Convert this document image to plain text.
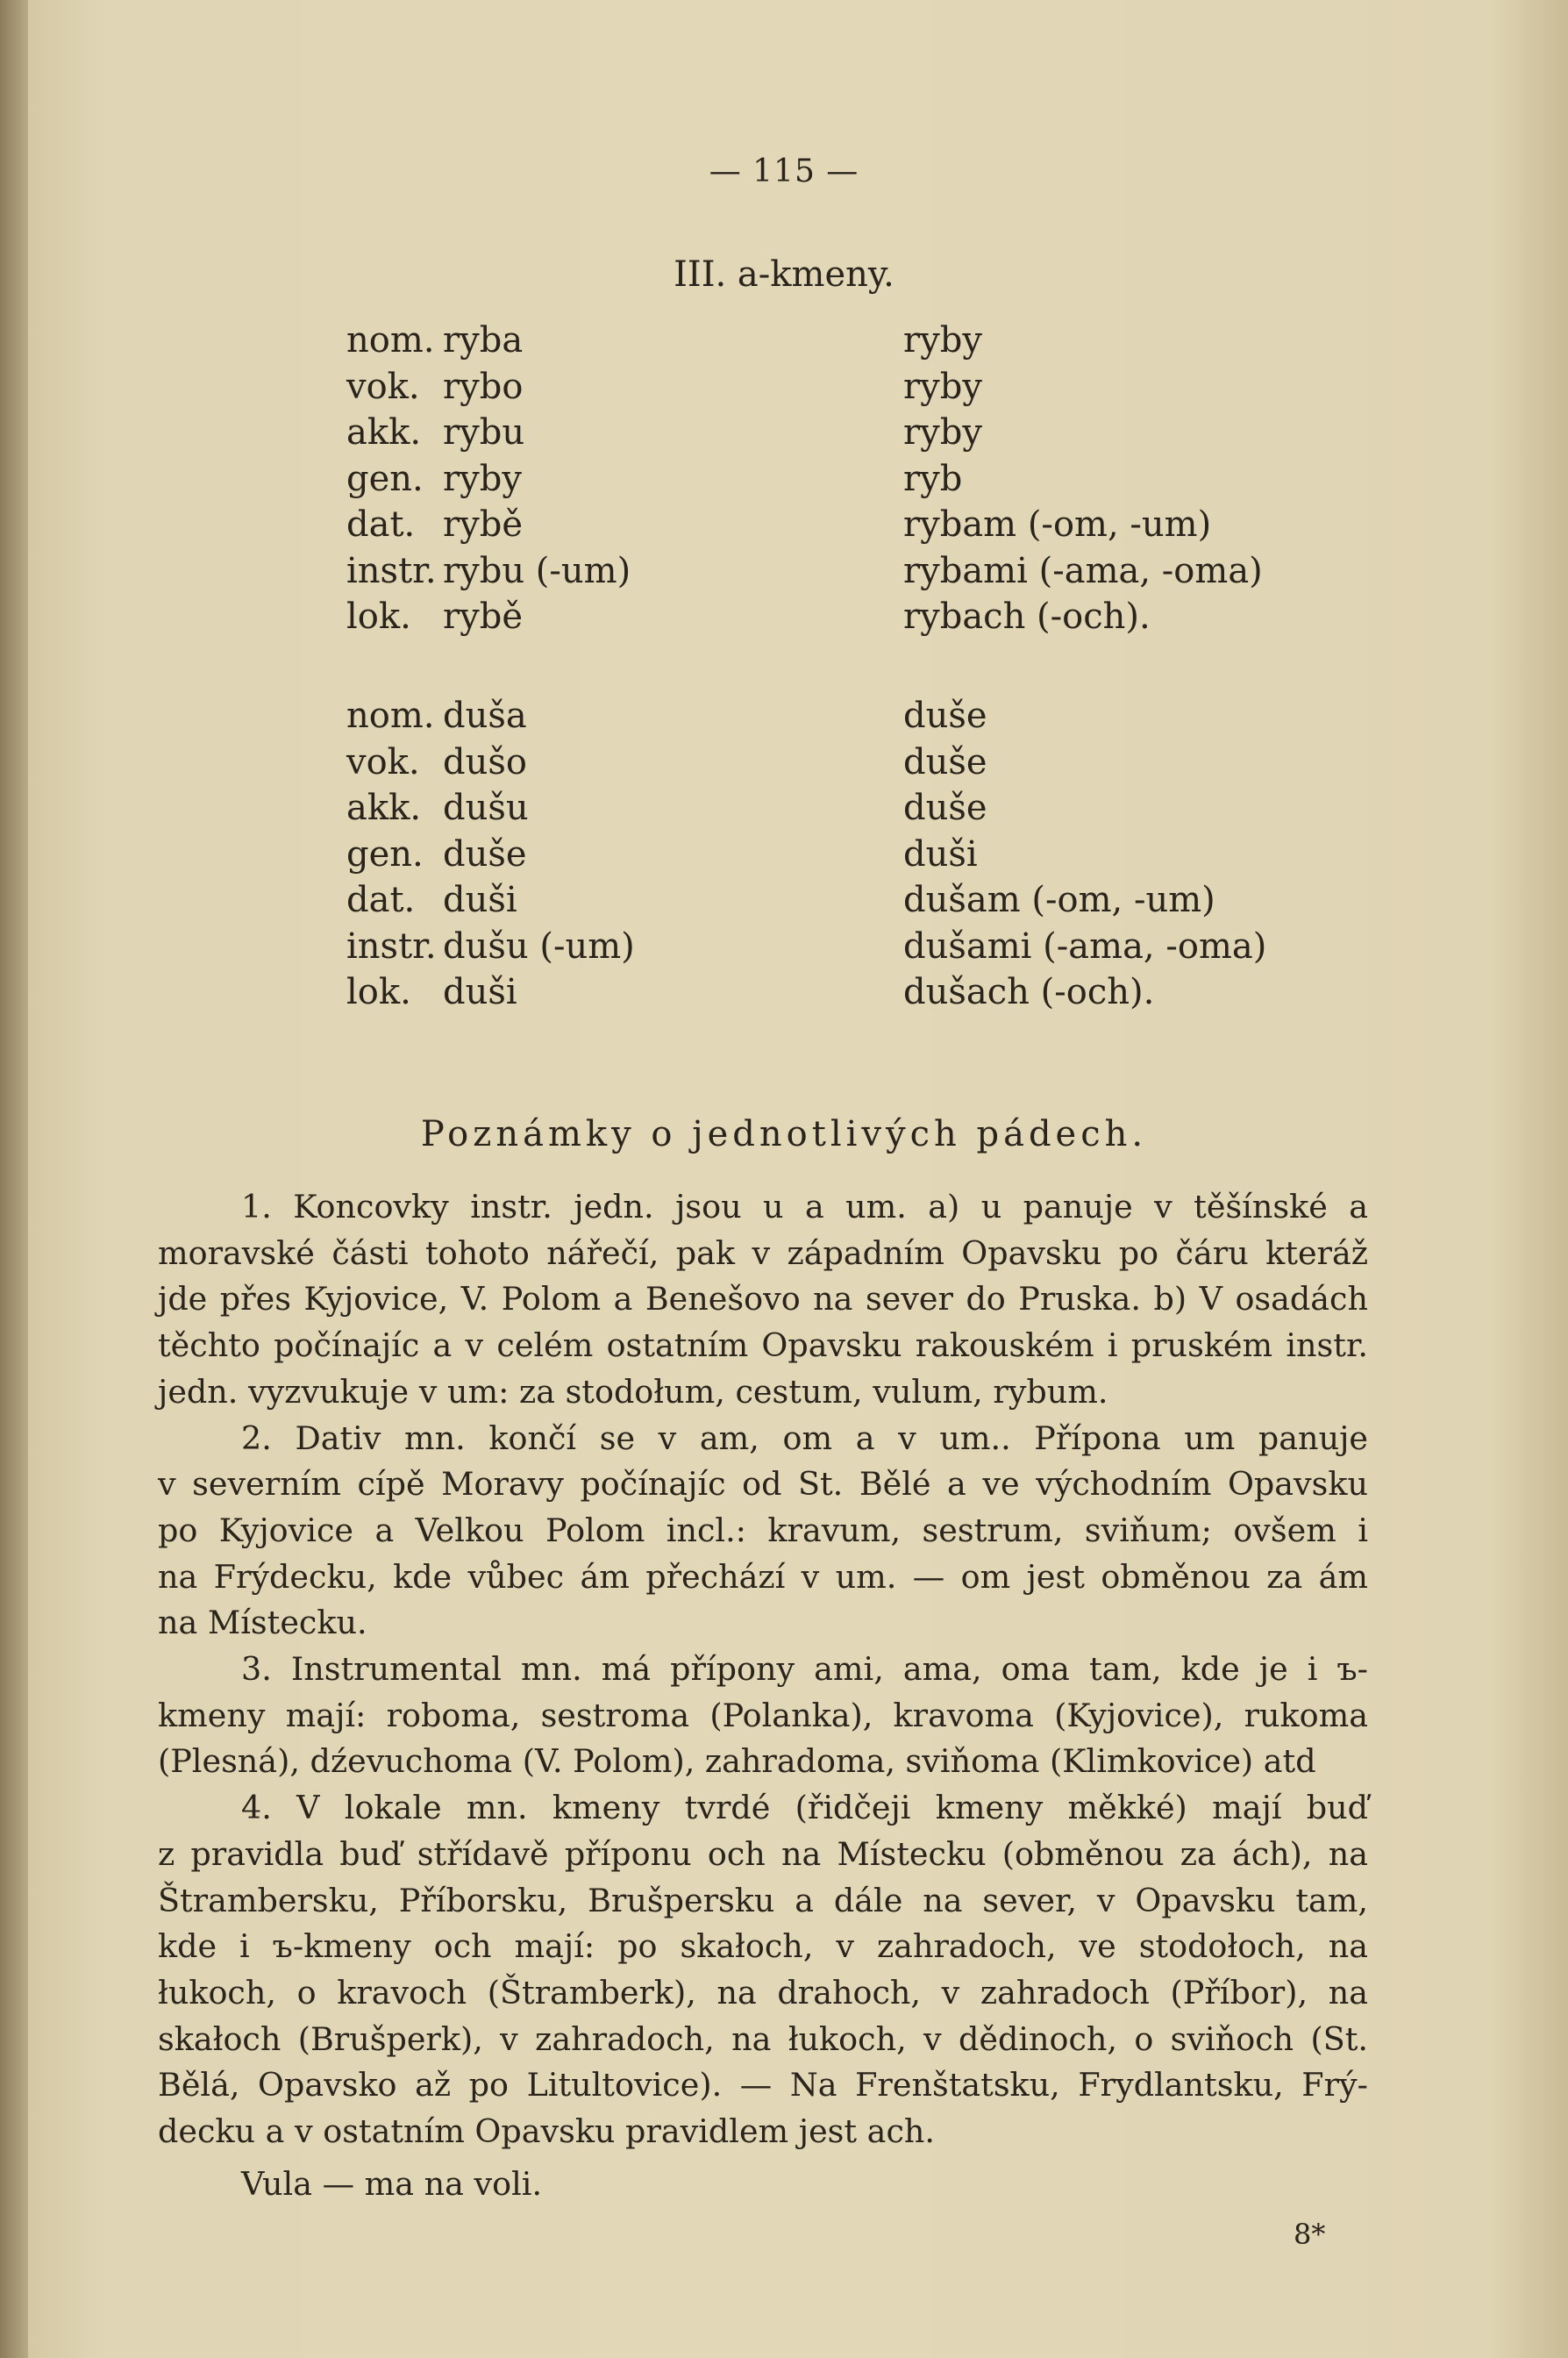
— 115 —
III. a-kmeny.
nom. ryba	ryby
vok. rybo	ryby
akk. rybu	ryby
gen. ryby	ryb
dat. rybě	rybam (-om, -um)
instr. rybu (-um)	rybami (-ama, -oma)
lok. rybě	rybach (-och).
nom. duša	duše
vok. dušo	duše
akk. dušu	duše
gen. duše	duši
dat. duši	dušam (-om, -um)
instr. dušu (-um)	dušami (-ama, -oma)
lok. duši	dušach (-och).
Poznámky o jednotlivých pádech.

1. Koncovky instr. jedn. jsou u a um. a) u panuje v těšínské a
moravské části tohoto nářečí, pak v západním Opavsku po čáru kteráž
jde přes Kyjovice, V. Polom a Benešovo na sever do Pruska. b) V osadách
těchto počínajíc a v celém ostatním Opavsku rakouském i pruském instr.
jedn. vyzvukuje v um: za stodołum, cestum, vulum, rybum.

2. Dativ mn. končí se v am, om a v um.. Přípona um panuje
v severním cípě Moravy počínajíc od St. Bělé a ve východním Opavsku
po Kyjovice a Velkou Polom incl.: kravum, sestrum, sviňum; ovšem i
na Frýdecku, kde vůbec ám přechází v um. — om jest obměnou za ám
na Místecku.

3. Instrumental mn. má přípony ami, ama, oma tam, kde je i ъ-
kmeny mají: roboma, sestroma (Polanka), kravoma (Kyjovice), rukoma
(Plesná), dźevuchoma (V. Polom), zahradoma, sviňoma (Klimkovice) atd

4. V lokale mn. kmeny tvrdé (řidčeji kmeny měkké) mají buď
z pravidla buď střídavě příponu och na Místecku (obměnou za ách), na
Štrambersku, Příborsku, Brušpersku a dále na sever, v Opavsku tam,
kde i ъ-kmeny och mají: po skałoch, v zahradoch, ve stodołoch, na
łukoch, o kravoch (Štramberk), na drahoch, v zahradoch (Příbor), na
skałoch (Brušperk), v zahradoch, na łukoch, v dědinoch, o sviňoch (St.
Bělá, Opavsko až po Litultovice). — Na Frenštatsku, Frydlantsku, Frý-
decku a v ostatním Opavsku pravidlem jest ach.

Vula — ma na voli.
8*
